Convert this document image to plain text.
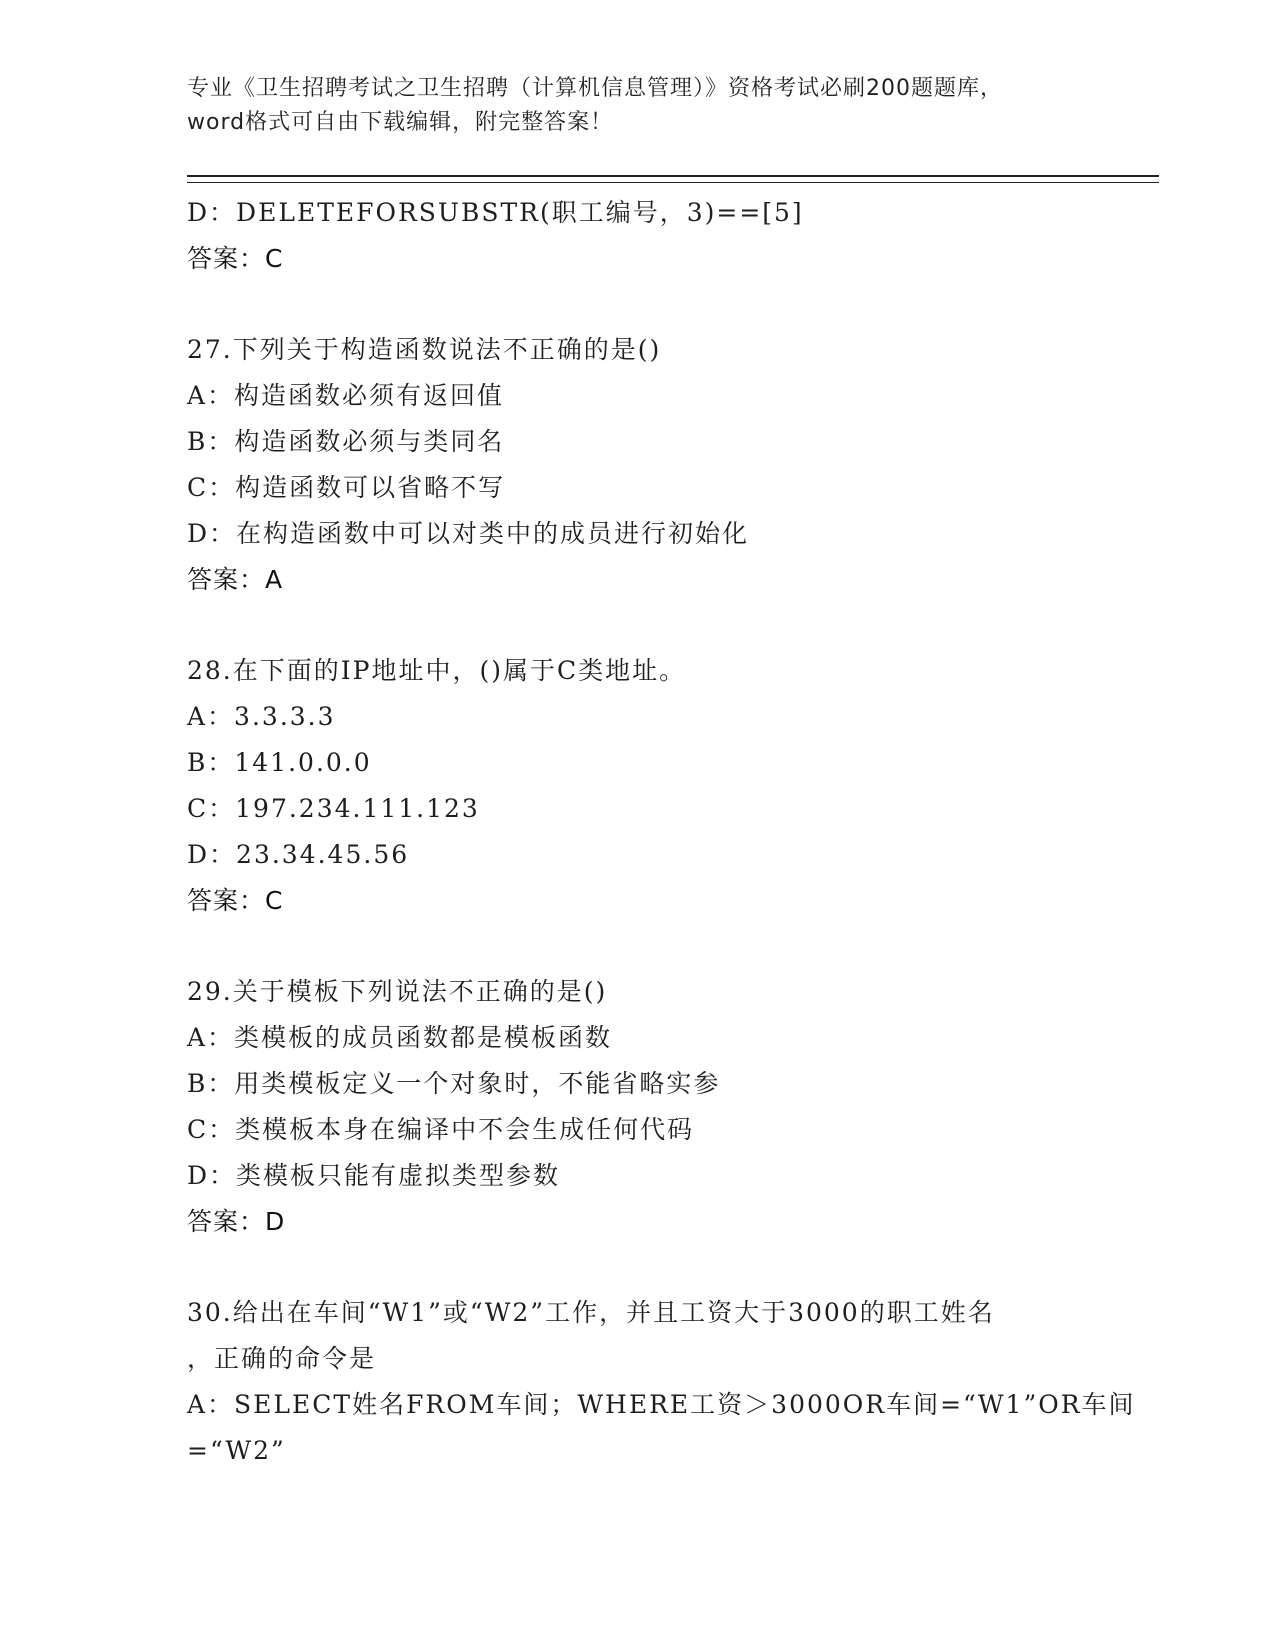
专业《卫生招聘考试之卫生招聘（计算机信息管理）》资格考试必刷200题题库，
word格式可自由下载编辑，附完整答案！
D：DELETEFORSUBSTR(职工编号，3)==[5]
答案：C
27.下列关于构造函数说法不正确的是()
A：构造函数必须有返回值
B：构造函数必须与类同名
C：构造函数可以省略不写
D：在构造函数中可以对类中的成员进行初始化
答案：A
28.在下面的IP地址中，()属于C类地址。
A：3.3.3.3
B：141.0.0.0
C：197.234.111.123
D：23.34.45.56
答案：C
29.关于模板下列说法不正确的是()
A：类模板的成员函数都是模板函数
B：用类模板定义一个对象时，不能省略实参
C：类模板本身在编译中不会生成任何代码
D：类模板只能有虚拟类型参数
答案：D
30.给出在车间“W1”或“W2”工作，并且工资大于3000的职工姓名
，正确的命令是
A：SELECT姓名FROM车间；WHERE工资＞3000OR车间=“W1”OR车间
=“W2”
